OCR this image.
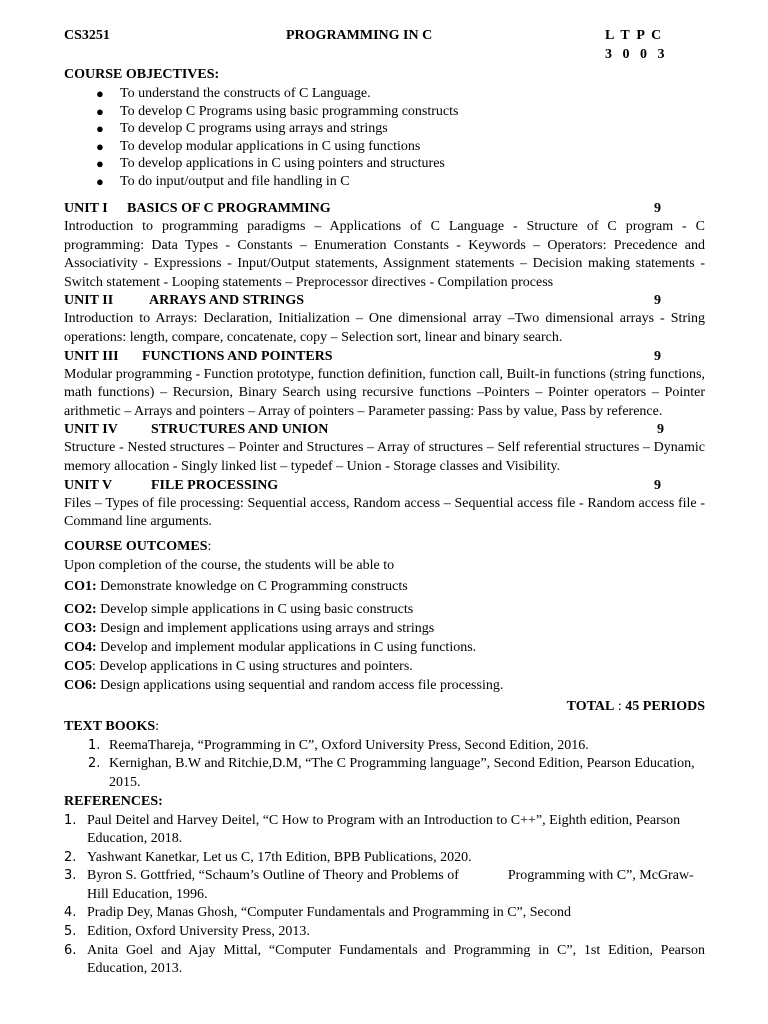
CS3251	PROGRAMMING IN C	L  T  P  C
3   0   0   3
COURSE OBJECTIVES:
● To understand the constructs of C Language.
● To develop C Programs using basic programming constructs
● To develop C programs using arrays and strings
● To develop modular applications in C using functions
● To develop applications in C using pointers and structures
● To do input/output and file handling in C
UNIT I BASICS OF C PROGRAMMING	9
Introduction to programming paradigms – Applications of C Language - Structure of C program - C programming: Data Types - Constants – Enumeration Constants - Keywords – Operators: Precedence and Associativity - Expressions - Input/Output statements, Assignment statements – Decision making statements - Switch statement - Looping statements – Preprocessor directives - Compilation process
UNIT II	ARRAYS AND STRINGS	9
Introduction to Arrays: Declaration, Initialization – One dimensional array –Two dimensional arrays - String operations: length, compare, concatenate, copy – Selection sort, linear and binary search.
UNIT III FUNCTIONS AND POINTERS	9
Modular programming - Function prototype, function definition, function call, Built-in functions (string functions, math functions) – Recursion, Binary Search using recursive functions –Pointers – Pointer operators – Pointer arithmetic – Arrays and pointers – Array of pointers – Parameter passing: Pass by value, Pass by reference.
UNIT IV STRUCTURES AND UNION	9
Structure - Nested structures – Pointer and Structures – Array of structures – Self referential structures – Dynamic memory allocation - Singly linked list – typedef – Union - Storage classes and Visibility.
UNIT V	FILE PROCESSING	9
Files – Types of file processing: Sequential access, Random access – Sequential access file - Random access file - Command line arguments.
COURSE OUTCOMES:
Upon completion of the course, the students will be able to
CO1: Demonstrate knowledge on C Programming constructs
CO2: Develop simple applications in C using basic constructs
CO3: Design and implement applications using arrays and strings
CO4: Develop and implement modular applications in C using functions.
CO5: Develop applications in C using structures and pointers.
CO6: Design applications using sequential and random access file processing.
TOTAL : 45 PERIODS
TEXT BOOKS:
1. ReemaThareja, “Programming in C”, Oxford University Press, Second Edition, 2016.
2. Kernighan, B.W and Ritchie,D.M, “The C Programming language”, Second Edition, Pearson Education, 2015.
REFERENCES:
1. Paul Deitel and Harvey Deitel, “C How to Program with an Introduction to C++”, Eighth edition, Pearson Education, 2018.
2. Yashwant Kanetkar, Let us C, 17th Edition, BPB Publications, 2020.
3. Byron S. Gottfried, “Schaum’s Outline of Theory and Problems of              Programming with C”, McGraw-Hill Education, 1996.
4. Pradip Dey, Manas Ghosh, “Computer Fundamentals and Programming in C”, Second
5. Edition, Oxford University Press, 2013.
6. Anita Goel and Ajay Mittal, “Computer Fundamentals and Programming in C”, 1st Edition, Pearson Education, 2013.
